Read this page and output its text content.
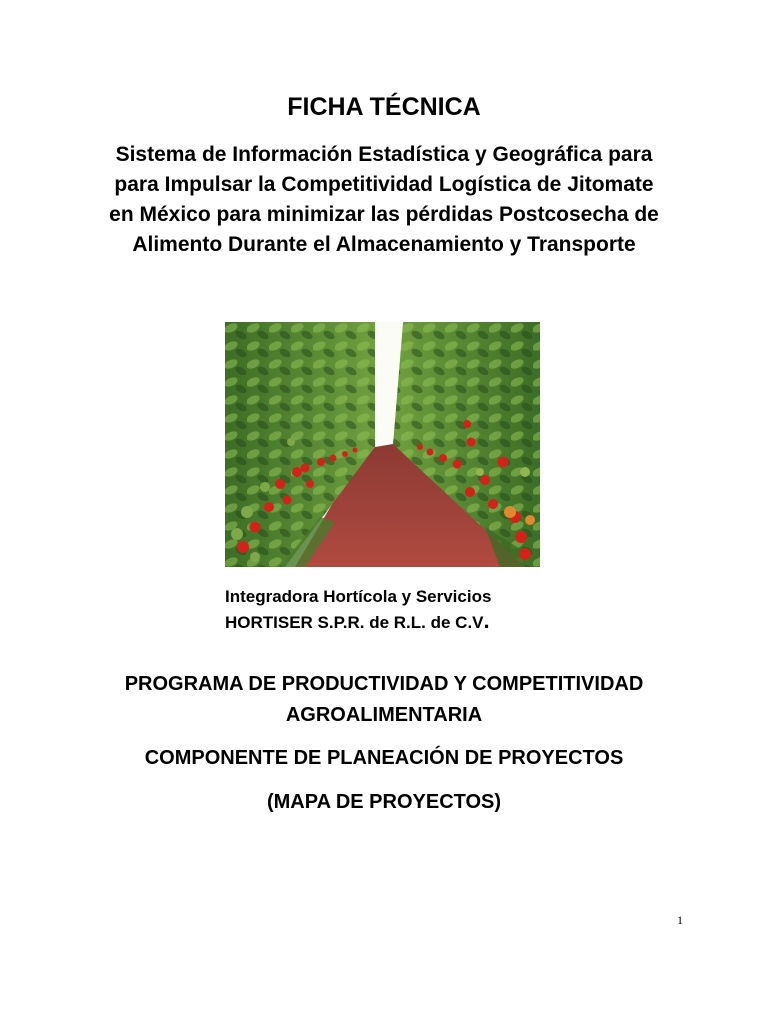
FICHA TÉCNICA
Sistema de Información Estadística y Geográfica para
para Impulsar la Competitividad Logística de Jitomate
en México para minimizar las pérdidas Postcosecha de
Alimento Durante el Almacenamiento y Transporte
Integradora Hortícola y Servicios
HORTISER S.P.R. de R.L. de C.V.
PROGRAMA DE PRODUCTIVIDAD Y COMPETITIVIDAD
AGROALIMENTARIA
COMPONENTE DE PLANEACIÓN DE PROYECTOS
(MAPA DE PROYECTOS)
1
